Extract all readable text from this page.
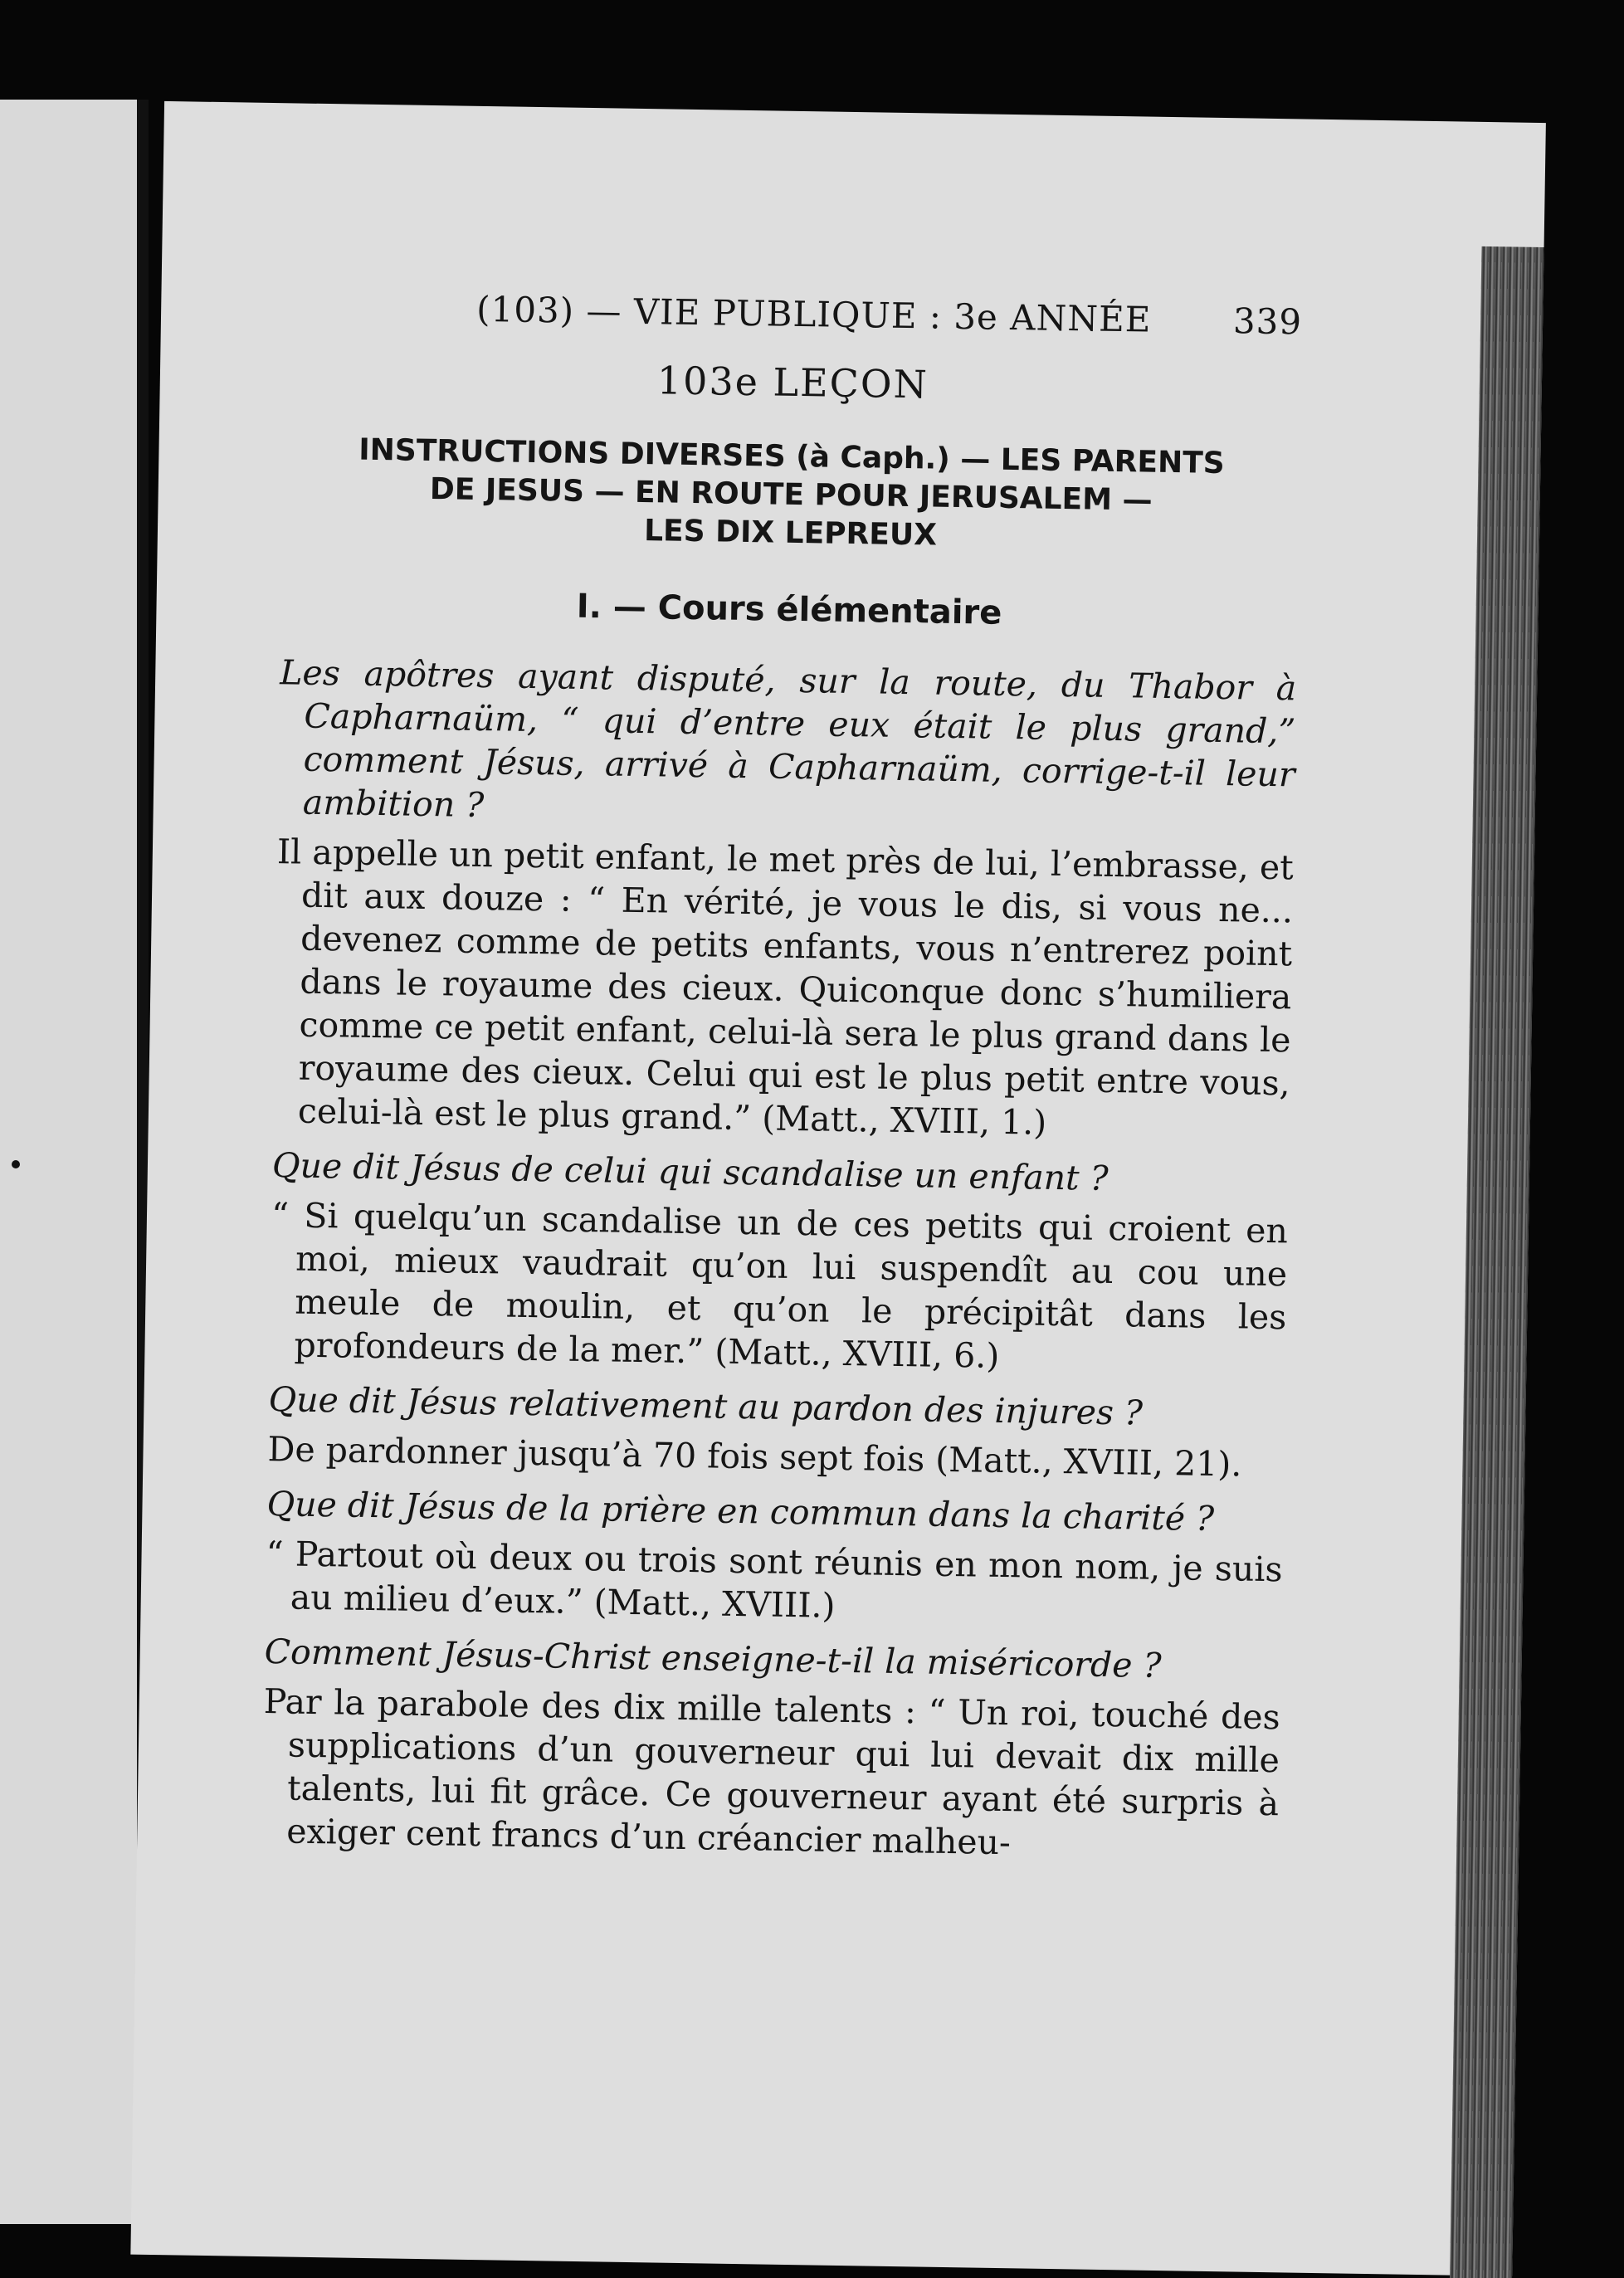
(103) — VIE PUBLIQUE : 3e ANNÉE 339
103e LEÇON
INSTRUCTIONS DIVERSES (à Caph.) — LES PARENTS
DE JESUS — EN ROUTE POUR JERUSALEM —
LES DIX LEPREUX
I. — Cours élémentaire

Les apôtres ayant disputé, sur la route, du Thabor à Capharnaüm, “ qui d’entre eux était le plus grand,” comment Jésus, arrivé à Capharnaüm, corrige-t-il leur ambition ?

Il appelle un petit enfant, le met près de lui, l’embrasse, et dit aux douze : “ En vérité, je vous le dis, si vous ne... devenez comme de petits enfants, vous n’entrerez point dans le royaume des cieux. Quiconque donc s’humiliera comme ce petit enfant, celui-là sera le plus grand dans le royaume des cieux. Celui qui est le plus petit entre vous, celui-là est le plus grand.” (Matt., XVIII, 1.)

Que dit Jésus de celui qui scandalise un enfant ?

“ Si quelqu’un scandalise un de ces petits qui croient en moi, mieux vaudrait qu’on lui suspendît au cou une meule de moulin, et qu’on le précipitât dans les profondeurs de la mer.” (Matt., XVIII, 6.)

Que dit Jésus relativement au pardon des injures ?

De pardonner jusqu’à 70 fois sept fois (Matt., XVIII, 21).

Que dit Jésus de la prière en commun dans la charité ?

“ Partout où deux ou trois sont réunis en mon nom, je suis au milieu d’eux.” (Matt., XVIII.)

Comment Jésus-Christ enseigne-t-il la miséricorde ?

Par la parabole des dix mille talents : “ Un roi, touché des supplications d’un gouverneur qui lui devait dix mille talents, lui fit grâce. Ce gouverneur ayant été surpris à exiger cent francs d’un créancier malheu-
